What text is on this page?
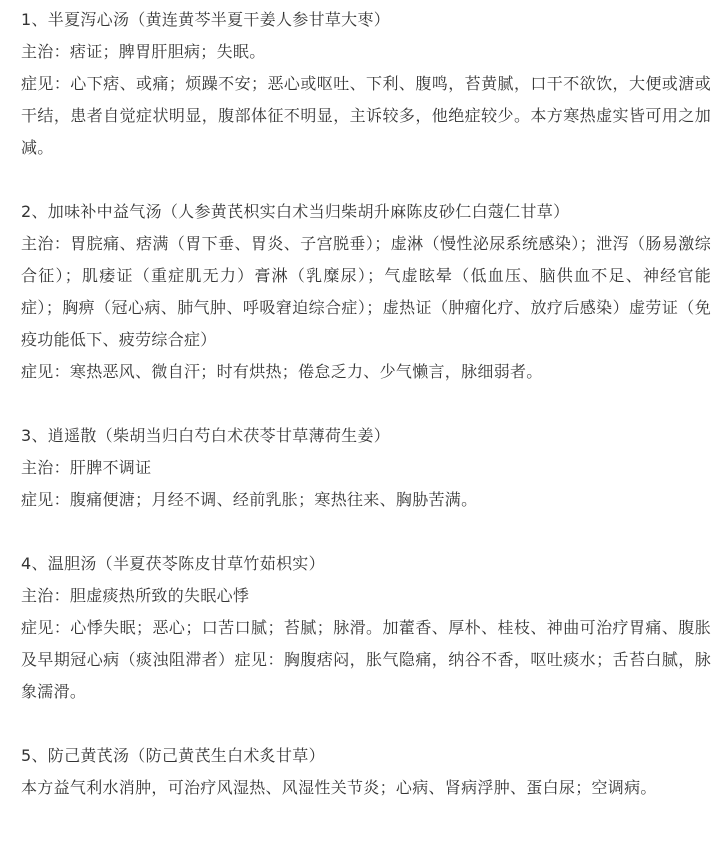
1、半夏泻心汤（黄连黄芩半夏干姜人参甘草大枣）

主治：痞证；脾胃肝胆病；失眠。

症见：心下痞、或痛；烦躁不安；恶心或呕吐、下利、腹鸣，苔黄腻，口干不欲饮，大便或溏或干结，患者自觉症状明显，腹部体征不明显，主诉较多，他绝症较少。本方寒热虚实皆可用之加减。

2、加味补中益气汤（人参黄芪枳实白术当归柴胡升麻陈皮砂仁白蔻仁甘草）

主治：胃脘痛、痞满（胃下垂、胃炎、子宫脱垂）；虚淋（慢性泌尿系统感染）；泄泻（肠易激综合征）；肌痿证（重症肌无力）膏淋（乳糜尿）；气虚眩晕（低血压、脑供血不足、神经官能症）；胸痹（冠心病、肺气肿、呼吸窘迫综合症）；虚热证（肿瘤化疗、放疗后感染）虚劳证（免疫功能低下、疲劳综合症）

症见：寒热恶风、微自汗；时有烘热；倦怠乏力、少气懒言，脉细弱者。

3、逍遥散（柴胡当归白芍白术茯苓甘草薄荷生姜）

主治：肝脾不调证

症见：腹痛便溏；月经不调、经前乳胀；寒热往来、胸胁苦满。

4、温胆汤（半夏茯苓陈皮甘草竹茹枳实）

主治：胆虚痰热所致的失眠心悸

症见：心悸失眠；恶心；口苦口腻；苔腻；脉滑。加藿香、厚朴、桂枝、神曲可治疗胃痛、腹胀及早期冠心病（痰浊阻滞者）症见：胸腹痞闷，胀气隐痛，纳谷不香，呕吐痰水；舌苔白腻，脉象濡滑。

5、防己黄芪汤（防己黄芪生白术炙甘草）

本方益气利水消肿，可治疗风湿热、风湿性关节炎；心病、肾病浮肿、蛋白尿；空调病。
